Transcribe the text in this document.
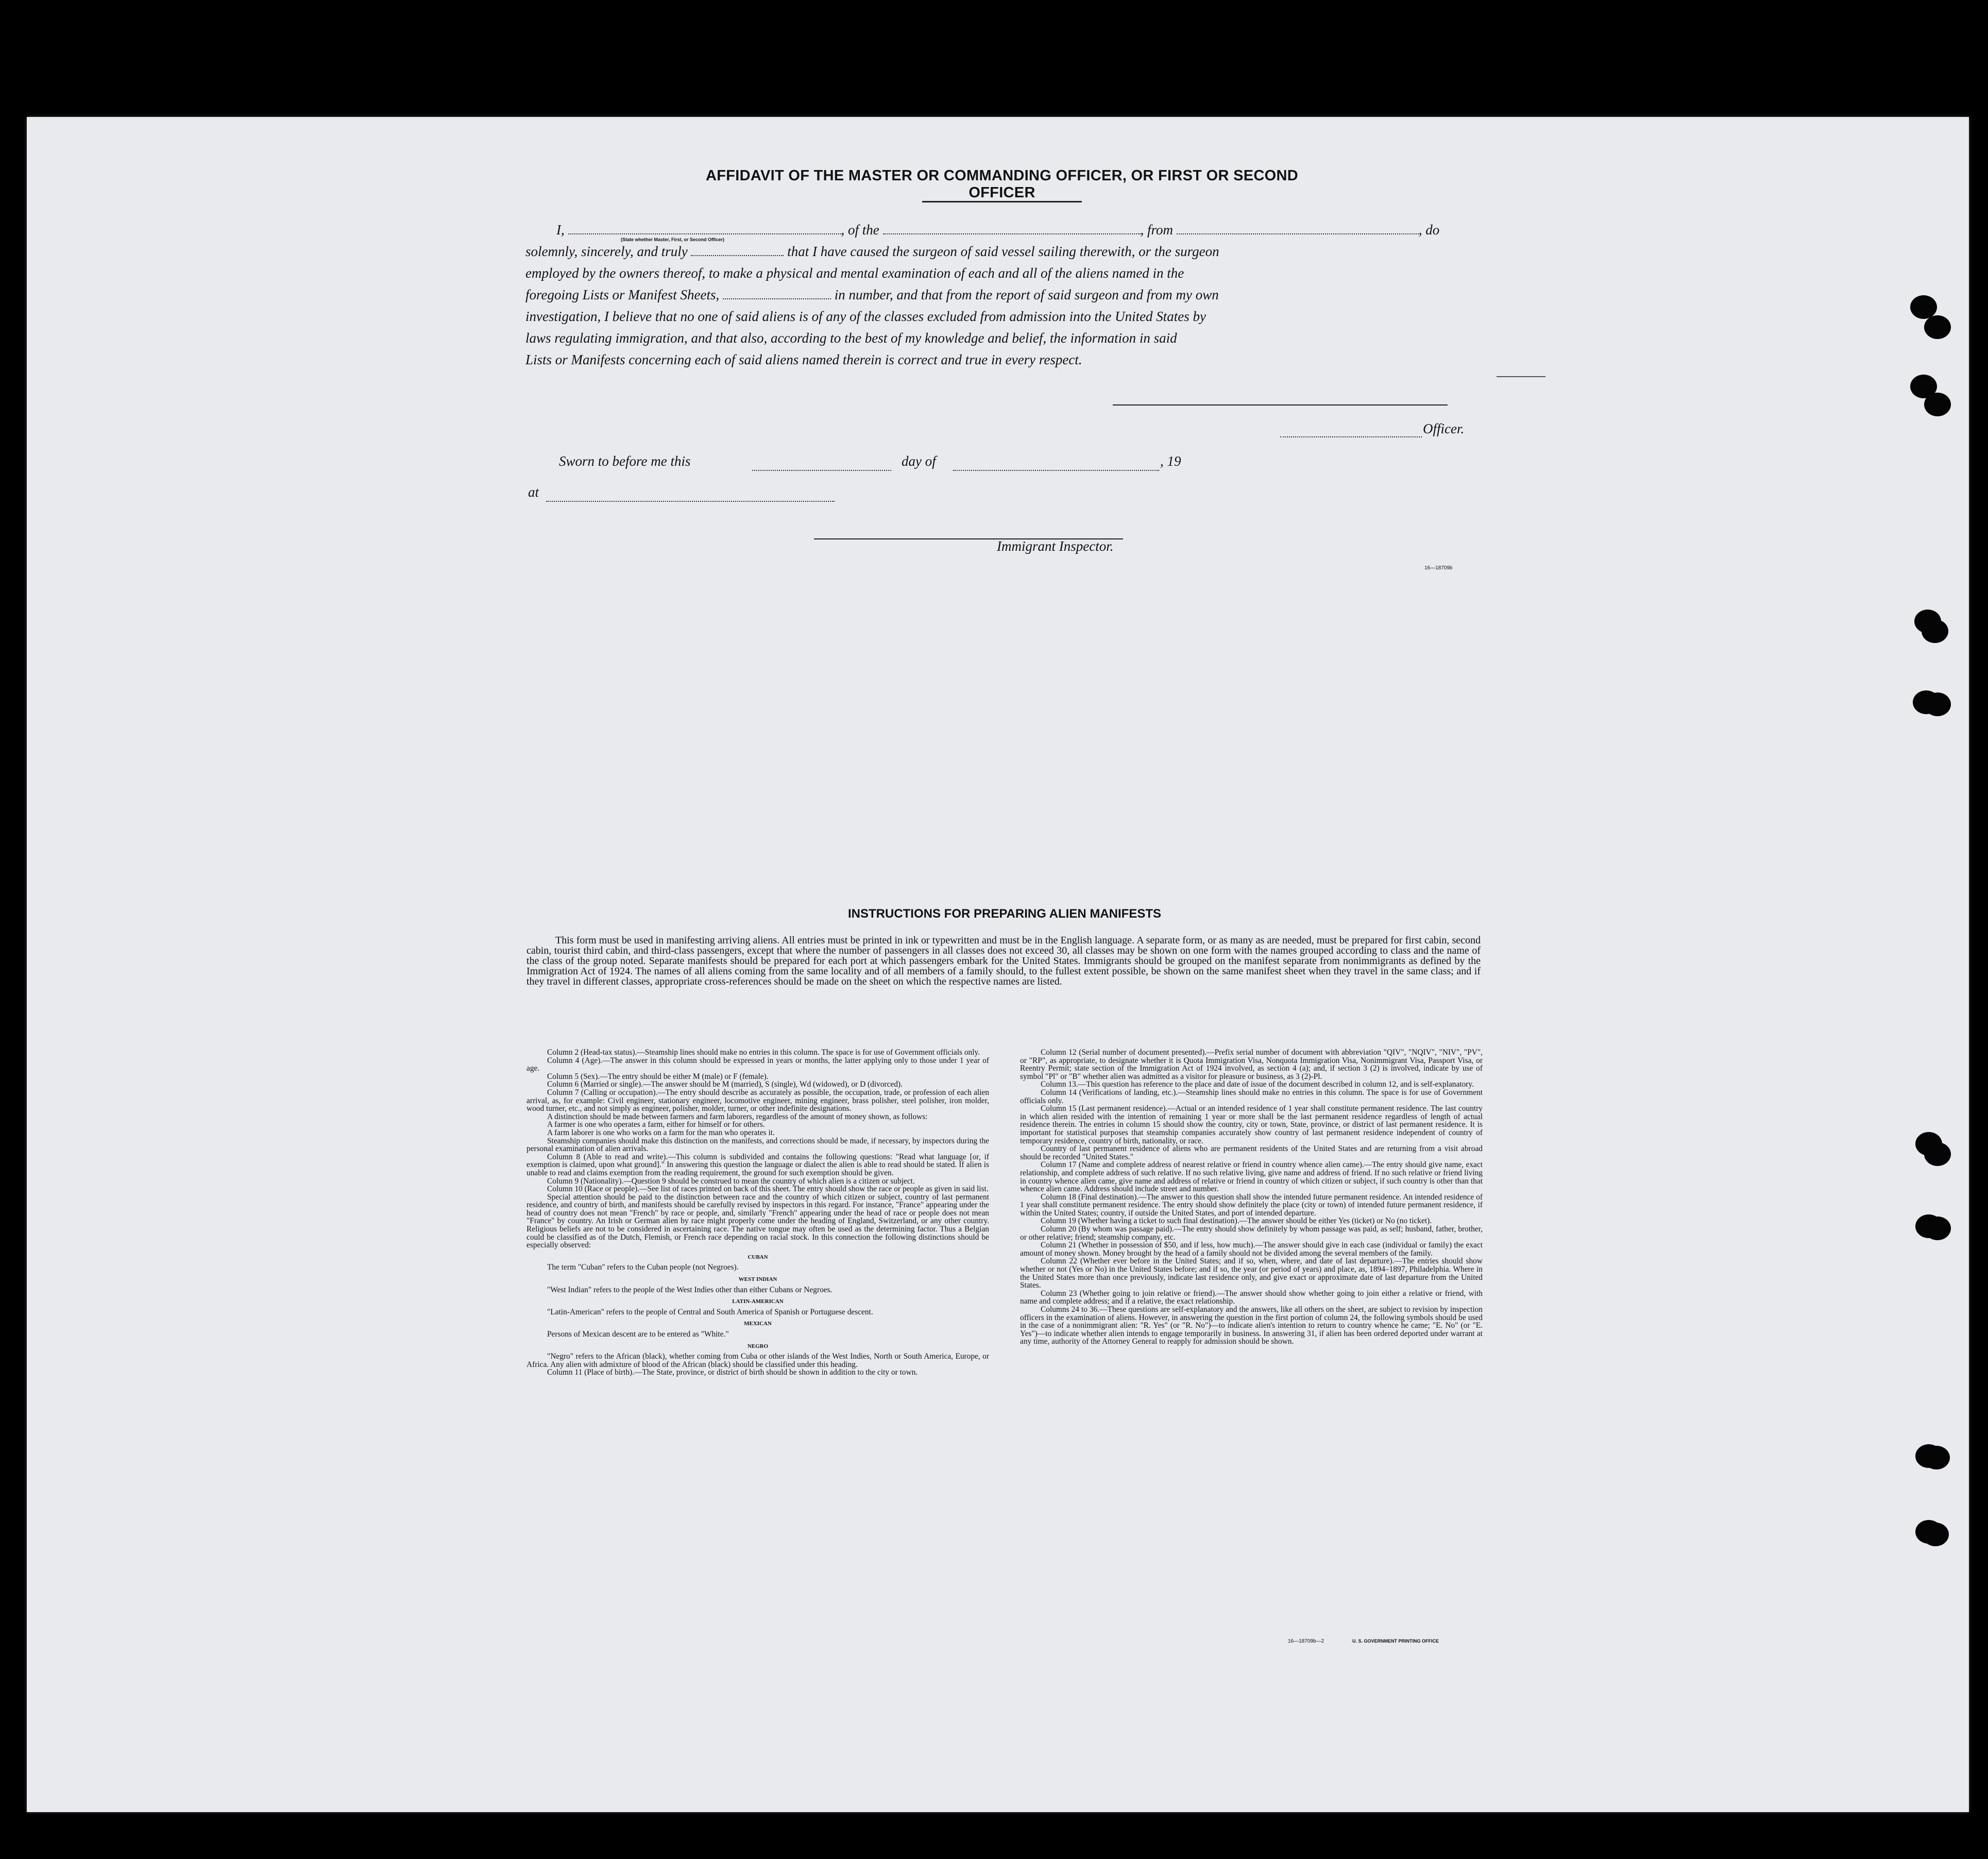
AFFIDAVIT OF THE MASTER OR COMMANDING OFFICER, OR FIRST OR SECOND OFFICER
I,	, of the	, from	, do
(State whether Master, First, or Second Officer)
solemnly, sincerely, and truly	that I have caused the surgeon of said vessel sailing therewith, or the surgeon
employed by the owners thereof, to make a physical and mental examination of each and all of the aliens named in the
foregoing Lists or Manifest Sheets,	in number, and that from the report of said surgeon and from my own
investigation, I believe that no one of said aliens is of any of the classes excluded from admission into the United States by
laws regulating immigration, and that also, according to the best of my knowledge and belief, the information in said
Lists or Manifests concerning each of said aliens named therein is correct and true in every respect.
Officer.
Sworn to before me this	day of	, 19
at
Immigrant Inspector.
16—18709b
INSTRUCTIONS FOR PREPARING ALIEN MANIFESTS
This form must be used in manifesting arriving aliens. All entries must be printed in ink or typewritten and must be in the English language. A separate form, or as many as are needed, must be prepared for first cabin, second cabin, tourist third cabin, and third-class passengers, except that where the number of passengers in all classes does not exceed 30, all classes may be shown on one form with the names grouped according to class and the name of the class of the group noted. Separate manifests should be prepared for each port at which passengers embark for the United States. Immigrants should be grouped on the manifest separate from nonimmigrants as defined by the Immigration Act of 1924. The names of all aliens coming from the same locality and of all members of a family should, to the fullest extent possible, be shown on the same manifest sheet when they travel in the same class; and if they travel in different classes, appropriate cross-references should be made on the sheet on which the respective names are listed.

Column 2 (Head-tax status).—Steamship lines should make no entries in this column. The space is for use of Government officials only.

Column 4 (Age).—The answer in this column should be expressed in years or months, the latter applying only to those under 1 year of age.

Column 5 (Sex).—The entry should be either M (male) or F (female).

Column 6 (Married or single).—The answer should be M (married), S (single), Wd (widowed), or D (divorced).

Column 7 (Calling or occupation).—The entry should describe as accurately as possible, the occupation, trade, or profession of each alien arrival, as, for example: Civil engineer, stationary engineer, locomotive engineer, mining engineer, brass polisher, steel polisher, iron molder, wood turner, etc., and not simply as engineer, polisher, molder, turner, or other indefinite designations.

A distinction should be made between farmers and farm laborers, regardless of the amount of money shown, as follows:

A farmer is one who operates a farm, either for himself or for others.

A farm laborer is one who works on a farm for the man who operates it.

Steamship companies should make this distinction on the manifests, and corrections should be made, if necessary, by inspectors during the personal examination of alien arrivals.

Column 8 (Able to read and write).—This column is subdivided and contains the following questions: "Read what language [or, if exemption is claimed, upon what ground]." In answering this question the language or dialect the alien is able to read should be stated. If alien is unable to read and claims exemption from the reading requirement, the ground for such exemption should be given.

Column 9 (Nationality).—Question 9 should be construed to mean the country of which alien is a citizen or subject.

Column 10 (Race or people).—See list of races printed on back of this sheet. The entry should show the race or people as given in said list.

Special attention should be paid to the distinction between race and the country of which citizen or subject, country of last permanent residence, and country of birth, and manifests should be carefully revised by inspectors in this regard. For instance, "France" appearing under the head of country does not mean "French" by race or people, and, similarly "French" appearing under the head of race or people does not mean "France" by country. An Irish or German alien by race might properly come under the heading of England, Switzerland, or any other country. Religious beliefs are not to be considered in ascertaining race. The native tongue may often be used as the determining factor. Thus a Belgian could be classified as of the Dutch, Flemish, or French race depending on racial stock. In this connection the following distinctions should be especially observed:

CUBAN

The term "Cuban" refers to the Cuban people (not Negroes).

WEST INDIAN

"West Indian" refers to the people of the West Indies other than either Cubans or Negroes.

LATIN-AMERICAN

"Latin-American" refers to the people of Central and South America of Spanish or Portuguese descent.

MEXICAN

Persons of Mexican descent are to be entered as "White."

NEGRO

"Negro" refers to the African (black), whether coming from Cuba or other islands of the West Indies, North or South America, Europe, or Africa. Any alien with admixture of blood of the African (black) should be classified under this heading.

Column 11 (Place of birth).—The State, province, or district of birth should be shown in addition to the city or town.

Column 12 (Serial number of document presented).—Prefix serial number of document with abbreviation "QIV", "NQIV", "NIV", "PV", or "RP", as appropriate, to designate whether it is Quota Immigration Visa, Nonquota Immigration Visa, Nonimmigrant Visa, Passport Visa, or Reentry Permit; state section of the Immigration Act of 1924 involved, as section 4 (a); and, if section 3 (2) is involved, indicate by use of symbol "Pl" or "B" whether alien was admitted as a visitor for pleasure or business, as 3 (2)-Pl.

Column 13.—This question has reference to the place and date of issue of the document described in column 12, and is self-explanatory.

Column 14 (Verifications of landing, etc.).—Steamship lines should make no entries in this column. The space is for use of Government officials only.

Column 15 (Last permanent residence).—Actual or an intended residence of 1 year shall constitute permanent residence. The last country in which alien resided with the intention of remaining 1 year or more shall be the last permanent residence regardless of length of actual residence therein. The entries in column 15 should show the country, city or town, State, province, or district of last permanent residence. It is important for statistical purposes that steamship companies accurately show country of last permanent residence independent of country of temporary residence, country of birth, nationality, or race.

Country of last permanent residence of aliens who are permanent residents of the United States and are returning from a visit abroad should be recorded "United States."

Column 17 (Name and complete address of nearest relative or friend in country whence alien came).—The entry should give name, exact relationship, and complete address of such relative. If no such relative living, give name and address of friend. If no such relative or friend living in country whence alien came, give name and address of relative or friend in country of which citizen or subject, if such country is other than that whence alien came. Address should include street and number.

Column 18 (Final destination).—The answer to this question shall show the intended future permanent residence. An intended residence of 1 year shall constitute permanent residence. The entry should show definitely the place (city or town) of intended future permanent residence, if within the United States; country, if outside the United States, and port of intended departure.

Column 19 (Whether having a ticket to such final destination).—The answer should be either Yes (ticket) or No (no ticket).

Column 20 (By whom was passage paid).—The entry should show definitely by whom passage was paid, as self; husband, father, brother, or other relative; friend; steamship company, etc.

Column 21 (Whether in possession of $50, and if less, how much).—The answer should give in each case (individual or family) the exact amount of money shown. Money brought by the head of a family should not be divided among the several members of the family.

Column 22 (Whether ever before in the United States; and if so, when, where, and date of last departure).—The entries should show whether or not (Yes or No) in the United States before; and if so, the year (or period of years) and place, as, 1894–1897, Philadelphia. Where in the United States more than once previously, indicate last residence only, and give exact or approximate date of last departure from the United States.

Column 23 (Whether going to join relative or friend).—The answer should show whether going to join either a relative or friend, with name and complete address; and if a relative, the exact relationship.

Columns 24 to 36.—These questions are self-explanatory and the answers, like all others on the sheet, are subject to revision by inspection officers in the examination of aliens. However, in answering the question in the first portion of column 24, the following symbols should be used in the case of a nonimmigrant alien: "R. Yes" (or "R. No")—to indicate alien's intention to return to country whence he came; "E. No" (or "E. Yes")—to indicate whether alien intends to engage temporarily in business. In answering 31, if alien has been ordered deported under warrant at any time, authority of the Attorney General to reapply for admission should be shown.

16—18709b—2	U. S. GOVERNMENT PRINTING OFFICE
